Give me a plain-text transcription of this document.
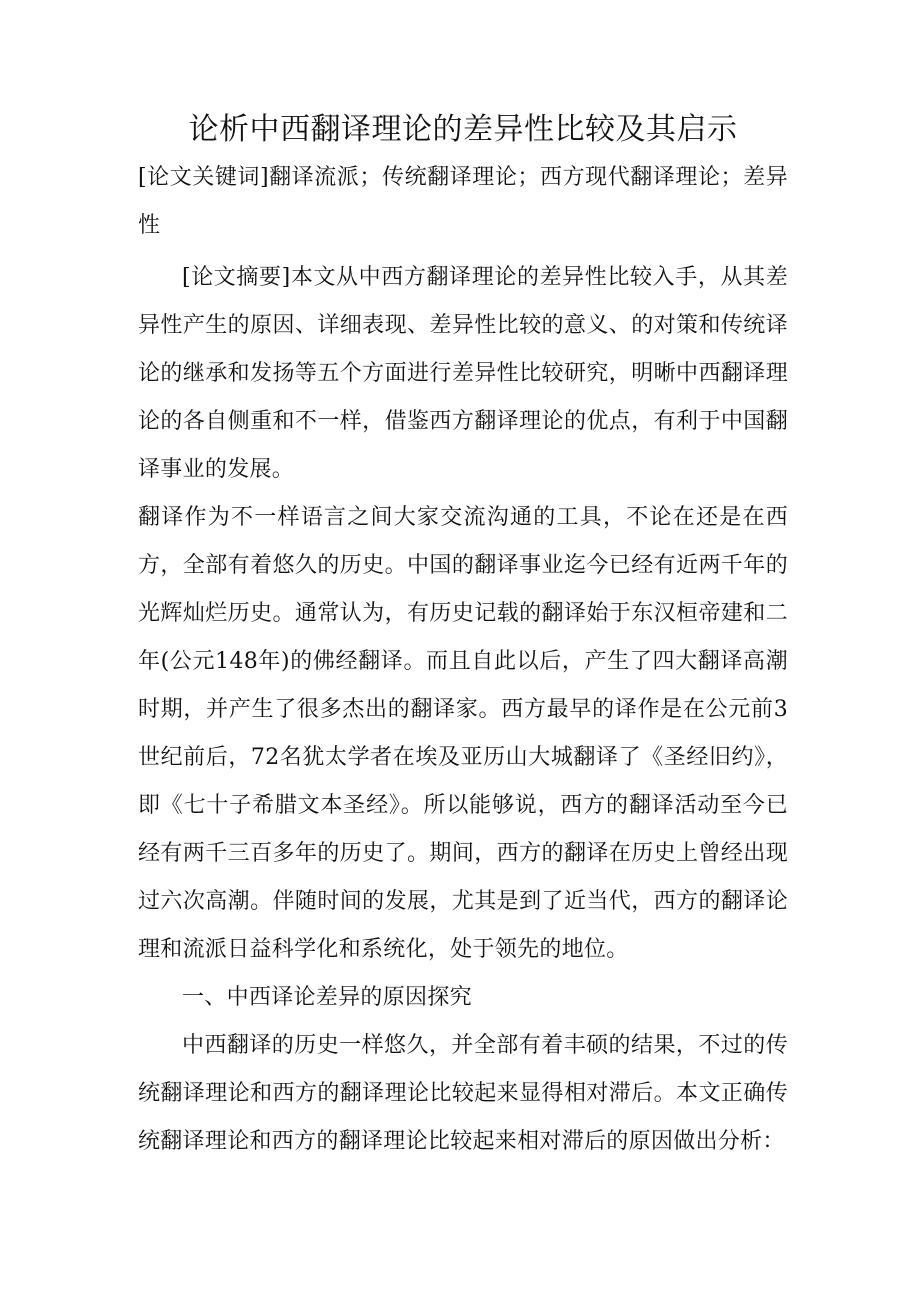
论析中西翻译理论的差异性比较及其启示

[论文关键词]翻译流派；传统翻译理论；西方现代翻译理论；差异性

[论文摘要]本文从中西方翻译理论的差异性比较入手，从其差异性产生的原因、详细表现、差异性比较的意义、的对策和传统译论的继承和发扬等五个方面进行差异性比较研究，明晰中西翻译理论的各自侧重和不一样，借鉴西方翻译理论的优点，有利于中国翻译事业的发展。

翻译作为不一样语言之间大家交流沟通的工具，不论在还是在西方，全部有着悠久的历史。中国的翻译事业迄今已经有近两千年的光辉灿烂历史。通常认为，有历史记载的翻译始于东汉桓帝建和二年(公元148年)的佛经翻译。而且自此以后，产生了四大翻译高潮时期，并产生了很多杰出的翻译家。西方最早的译作是在公元前3世纪前后，72名犹太学者在埃及亚历山大城翻译了《圣经旧约》，即《七十子希腊文本圣经》。所以能够说，西方的翻译活动至今已经有两千三百多年的历史了。期间，西方的翻译在历史上曾经出现过六次高潮。伴随时间的发展，尤其是到了近当代，西方的翻译论理和流派日益科学化和系统化，处于领先的地位。

一、中西译论差异的原因探究

中西翻译的历史一样悠久，并全部有着丰硕的结果，不过的传统翻译理论和西方的翻译理论比较起来显得相对滞后。本文正确传统翻译理论和西方的翻译理论比较起来相对滞后的原因做出分析：
